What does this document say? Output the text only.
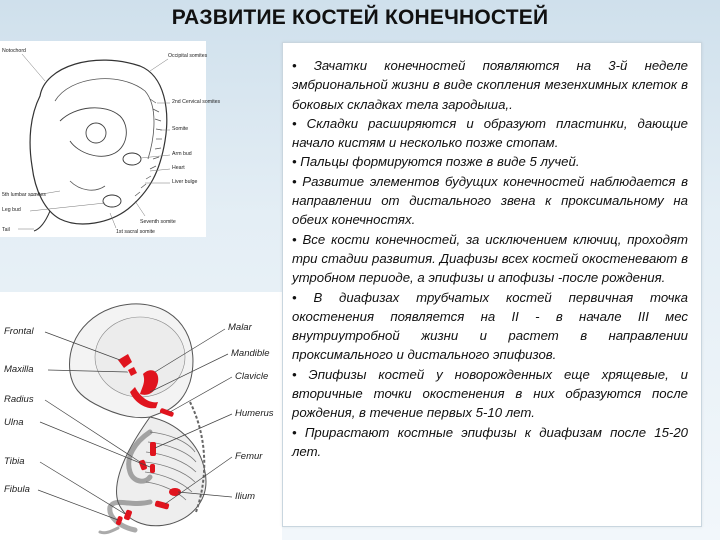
РАЗВИТИЕ КОСТЕЙ КОНЕЧНОСТЕЙ
Notochord
Occipital somites
2nd Cervical somites
Somite
Arm bud
Heart
Liver bulge
5th lumbar somites
Leg bud
Seventh somite
1st sacral somite
Tail
Frontal
Maxilla
Radius
Ulna
Tibia
Fibula
Malar
Mandible
Clavicle
Humerus
Femur
Ilium

• Зачатки конечностей появляются на 3-й неделе эмбриональной жизни в виде скопления мезенхимных клеток в боковых складках тела зародыша,.

• Складки расширяются и образуют пластинки, дающие начало кистям и несколько позже стопам.

• Пальцы формируются позже в виде 5 лучей.

• Развитие элементов будущих конечностей наблюдается в направлении от дистального звена к проксимальному на обеих конечностях.

• Все кости конечностей, за исключением ключиц, проходят три стадии развития. Диафизы всех костей окостеневают в утробном периоде, а эпифизы и апофизы -после рождения.

• В диафизах трубчатых костей первичная точка окостенения появляется на II - в начале III мес внутриутробной жизни и растет в направлении проксимального и дистального эпифизов.

• Эпифизы костей у новорожденных еще хрящевые, и вторичные точки окостенения в них образуются после рождения, в течение первых 5-10 лет.

• Прирастают костные эпифизы к диафизам после 15-20 лет.
